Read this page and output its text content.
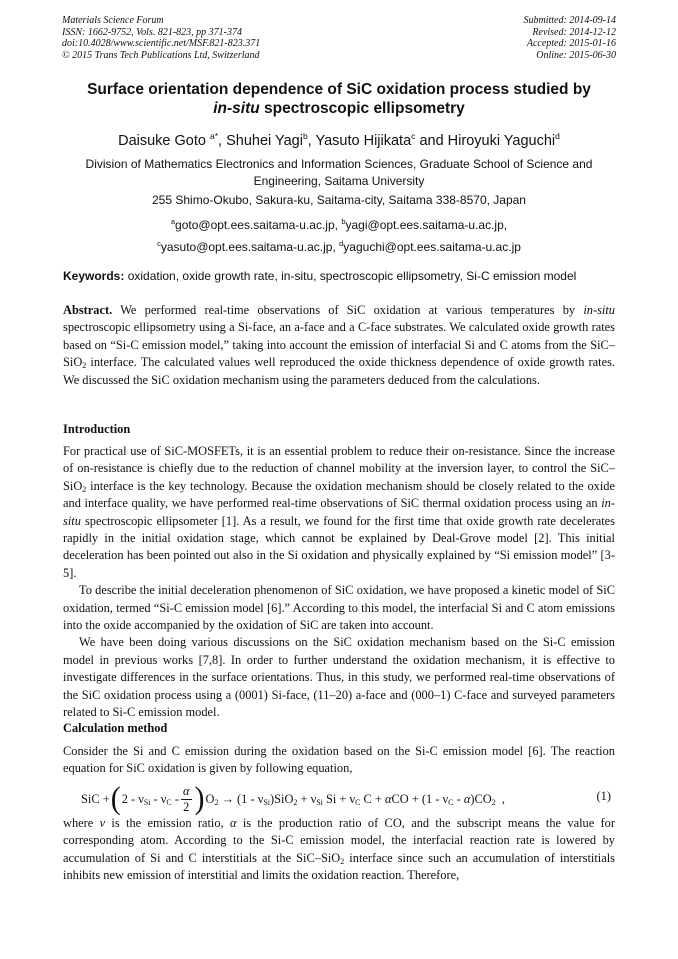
Materials Science Forum
ISSN: 1662-9752, Vols. 821-823, pp 371-374
doi:10.4028/www.scientific.net/MSF.821-823.371
© 2015 Trans Tech Publications Ltd, Switzerland
Submitted: 2014-09-14
Revised: 2014-12-12
Accepted: 2015-01-16
Online: 2015-06-30
Surface orientation dependence of SiC oxidation process studied by
in-situ spectroscopic ellipsometry
Daisuke Goto $^{a*}$, Shuhei Yagi$^b$, Yasuto Hijikata$^c$ and Hiroyuki Yaguchi$^d$
Division of Mathematics Electronics and Information Sciences, Graduate School of Science and
Engineering, Saitama University
255 Shimo-Okubo, Sakura-ku, Saitama-city, Saitama 338-8570, Japan
$^a$goto@opt.ees.saitama-u.ac.jp, $^b$yagi@opt.ees.saitama-u.ac.jp,
$^c$yasuto@opt.ees.saitama-u.ac.jp, $^d$yaguchi@opt.ees.saitama-u.ac.jp
Keywords: oxidation, oxide growth rate, in-situ, spectroscopic ellipsometry, Si-C emission model

Abstract. We performed real-time observations of SiC oxidation at various temperatures by in-situ spectroscopic ellipsometry using a Si-face, an a-face and a C-face substrates. We calculated oxide growth rates based on “Si-C emission model,” taking into account the emission of interfacial Si and C atoms from the SiC–SiO$_2$ interface. The calculated values well reproduced the oxide thickness dependence of oxide growth rates. We discussed the SiC oxidation mechanism using the parameters deduced from the calculations.

Introduction

For practical use of SiC-MOSFETs, it is an essential problem to reduce their on-resistance. Since the increase of on-resistance is chiefly due to the reduction of channel mobility at the inversion layer, to control the SiC–SiO$_2$ interface is the key technology. Because the oxidation mechanism should be closely related to the oxide and interface quality, we have performed real-time observations of SiC thermal oxidation process using an in-situ spectroscopic ellipsometer [1]. As a result, we found for the first time that oxide growth rate decelerates rapidly in the initial oxidation stage, which cannot be explained by Deal-Grove model [2]. This initial deceleration has been pointed out also in the Si oxidation and physically explained by “Si emission model” [3-5].

To describe the initial deceleration phenomenon of SiC oxidation, we have proposed a kinetic model of SiC oxidation, termed “Si-C emission model [6].” According to this model, the interfacial Si and C atom emissions into the oxide accompanied by the oxidation of SiC are taken into account.

We have been doing various discussions on the SiC oxidation mechanism based on the Si-C emission model in previous works [7,8]. In order to further understand the oxidation mechanism, it is effective to investigate differences in the surface orientations. Thus, in this study, we performed real-time observations of the SiC oxidation process using a (0001) Si-face, (11–20) a-face and (000–1) C-face and surveyed parameters related to Si-C emission model.

Calculation method
Consider the Si and C emission during the oxidation based on the Si-C emission model [6]. The reaction equation for SiC oxidation is given by following equation,
SiC + ( $2 - \nu_{Si} - \nu_C - \frac{\alpha}{2}$ ) $O_2 \to (1 - \nu_{Si})SiO_2 + \nu_{Si}$ $Si + \nu_C$ $C + \alpha CO + (1 - \nu_C - \alpha)CO_2$  ,	(1)

where v is the emission ratio, α is the production ratio of CO, and the subscript means the value for corresponding atom. According to the Si-C emission model, the interfacial reaction rate is lowered by accumulation of Si and C interstitials at the SiC–SiO$_2$ interface since such an accumulation of interstitials inhibits new emission of interstitial and limits the oxidation reaction. Therefore,
